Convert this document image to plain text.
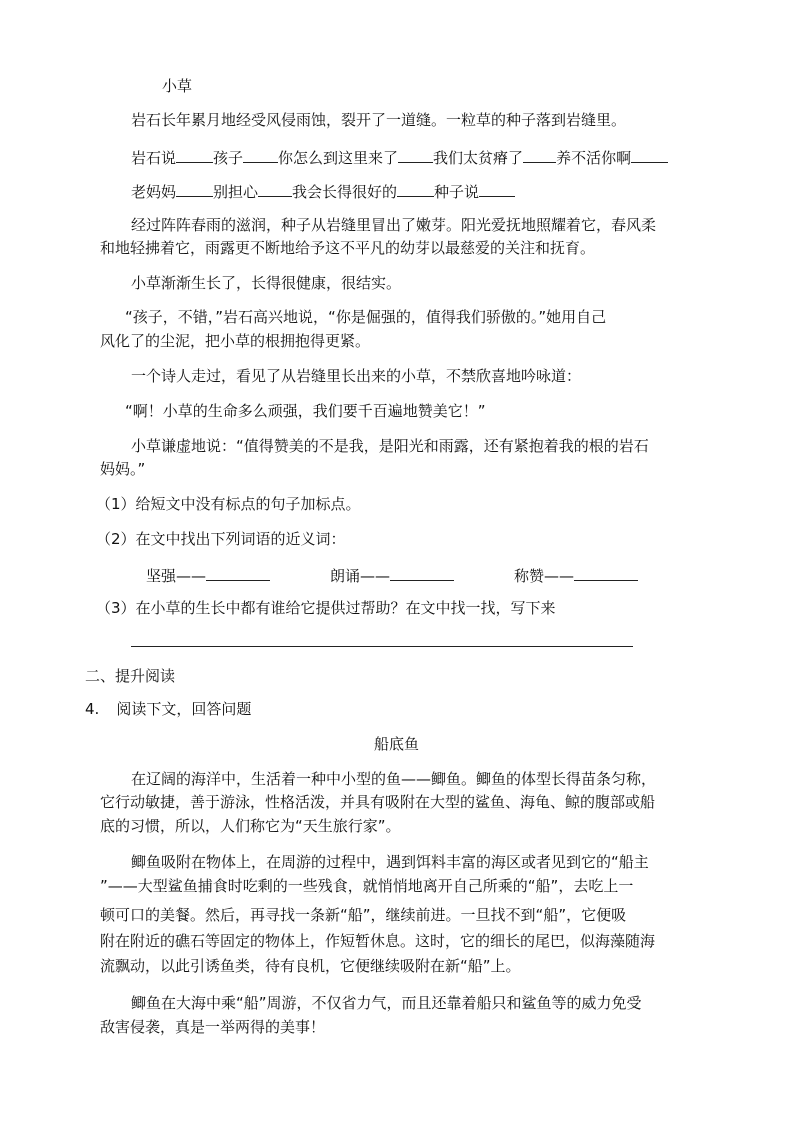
小草
岩石长年累月地经受风侵雨蚀，裂开了一道缝。一粒草的种子落到岩缝里。
岩石说 孩子 你怎么到这里来了 我们太贫瘠了 养不活你啊
老妈妈 别担心 我会长得很好的 种子说
经过阵阵春雨的滋润，种子从岩缝里冒出了嫩芽。阳光爱抚地照耀着它，春风柔
和地轻拂着它，雨露更不断地给予这不平凡的幼芽以最慈爱的关注和抚育。
小草渐渐生长了，长得很健康，很结实。
“孩子，不错，”岩石高兴地说，“你是倔强的，值得我们骄傲的。”她用自己
风化了的尘泥，把小草的根拥抱得更紧。
一个诗人走过，看见了从岩缝里长出来的小草，不禁欣喜地吟咏道：
“啊！小草的生命多么顽强，我们要千百遍地赞美它！”
小草谦虚地说：“值得赞美的不是我，是阳光和雨露，还有紧抱着我的根的岩石
妈妈。”
（1）给短文中没有标点的句子加标点。
（2）在文中找出下列词语的近义词：
坚强——	朗诵——	称赞——
（3）在小草的生长中都有谁给它提供过帮助？在文中找一找，写下来
二、提升阅读
4. 阅读下文，回答问题
船底鱼
在辽阔的海洋中，生活着一种中小型的鱼——鲫鱼。鲫鱼的体型长得苗条匀称，
它行动敏捷，善于游泳，性格活泼，并具有吸附在大型的鲨鱼、海龟、鲸的腹部或船
底的习惯，所以，人们称它为“天生旅行家”。
鲫鱼吸附在物体上，在周游的过程中，遇到饵料丰富的海区或者见到它的“船主
”——大型鲨鱼捕食时吃剩的一些残食，就悄悄地离开自己所乘的“船”，去吃上一
顿可口的美餐。然后，再寻找一条新“船”，继续前进。一旦找不到“船”，它便吸
附在附近的礁石等固定的物体上，作短暂休息。这时，它的细长的尾巴，似海藻随海
流飘动，以此引诱鱼类，待有良机，它便继续吸附在新“船”上。
鲫鱼在大海中乘“船”周游，不仅省力气，而且还靠着船只和鲨鱼等的威力免受
敌害侵袭，真是一举两得的美事！
